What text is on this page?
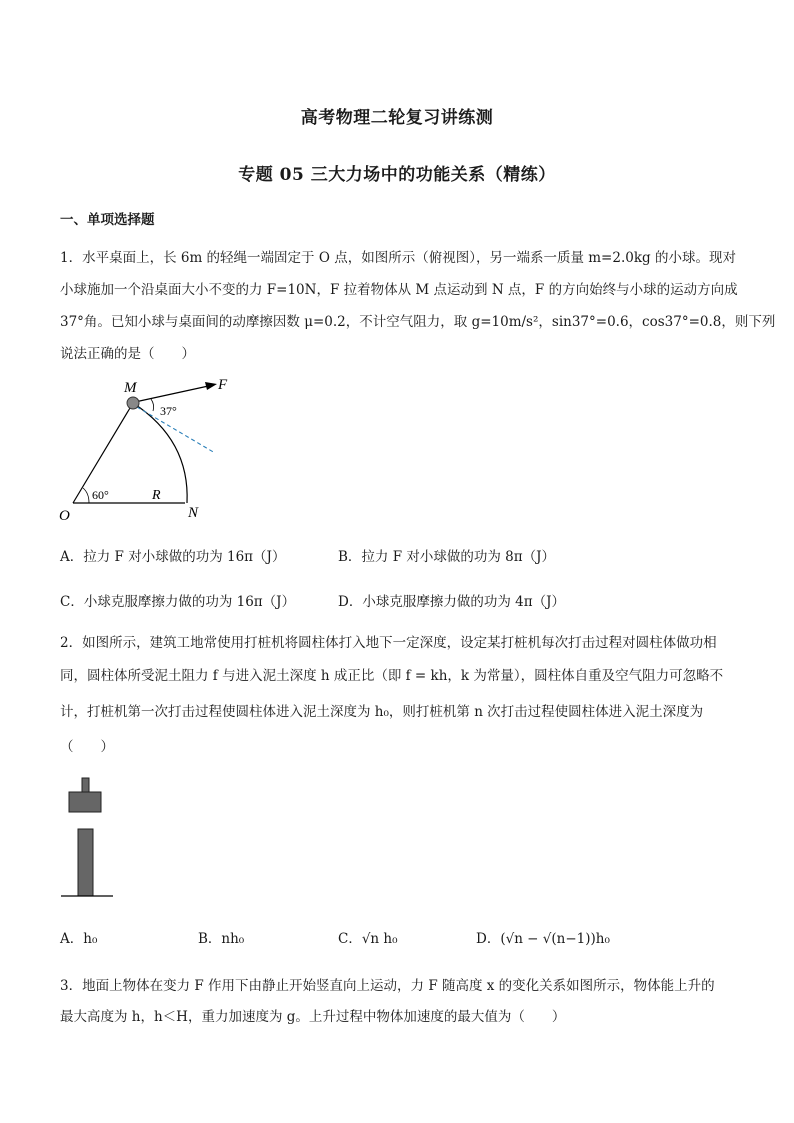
高考物理二轮复习讲练测
专题 05 三大力场中的功能关系（精练）
一、单项选择题
1．水平桌面上，长 6m 的轻绳一端固定于 O 点，如图所示（俯视图），另一端系一质量 m=2.0kg 的小球。现对
小球施加一个沿桌面大小不变的力 F=10N，F 拉着物体从 M 点运动到 N 点，F 的方向始终与小球的运动方向成
37°角。已知小球与桌面间的动摩擦因数 μ=0.2，不计空气阻力，取 g=10m/s²，sin37°=0.6，cos37°=0.8，则下列
说法正确的是（　　）
M	F
37°
60°	R
O	N
A．拉力 F 对小球做的功为 16π（J）	B．拉力 F 对小球做的功为 8π（J）
C．小球克服摩擦力做的功为 16π（J）	D．小球克服摩擦力做的功为 4π（J）
2．如图所示，建筑工地常使用打桩机将圆柱体打入地下一定深度，设定某打桩机每次打击过程对圆柱体做功相
同，圆柱体所受泥土阻力 f 与进入泥土深度 h 成正比（即 f = kh，k 为常量），圆柱体自重及空气阻力可忽略不
计，打桩机第一次打击过程使圆柱体进入泥土深度为 h₀，则打桩机第 n 次打击过程使圆柱体进入泥土深度为
（　　）
A．h₀	B．nh₀	C．√n h₀	D．(√n − √(n−1))h₀
3．地面上物体在变力 F 作用下由静止开始竖直向上运动，力 F 随高度 x 的变化关系如图所示，物体能上升的
最大高度为 h，h＜H，重力加速度为 g。上升过程中物体加速度的最大值为（　　）
